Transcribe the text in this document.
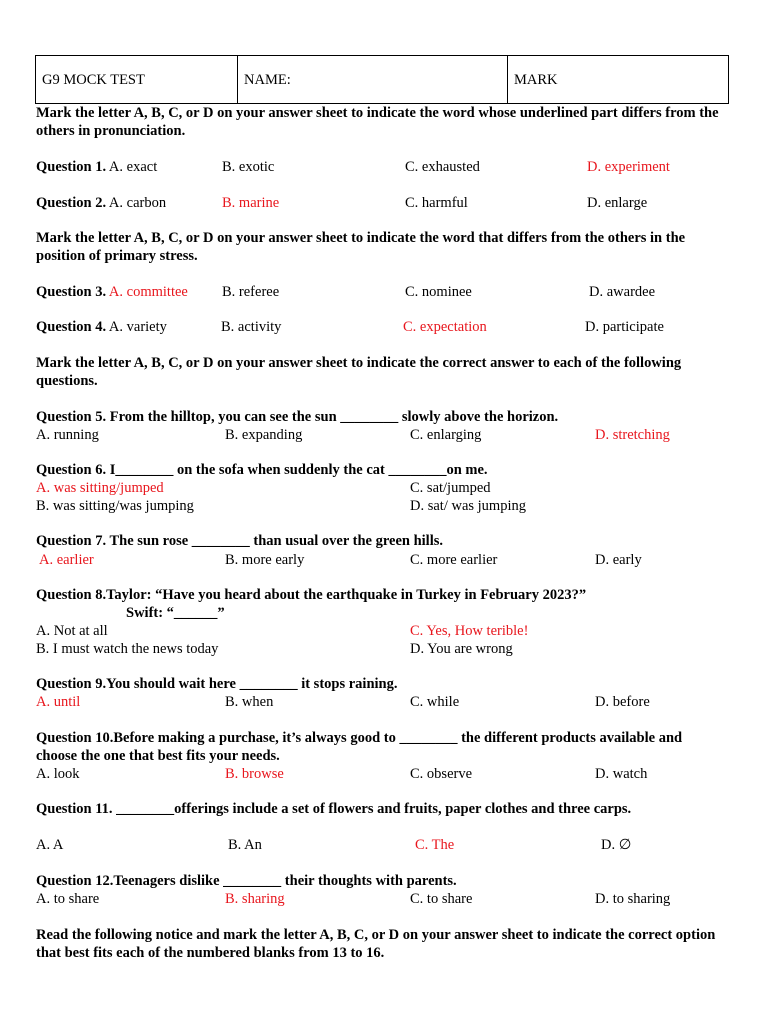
G9 MOCK TEST	NAME:	MARK
Mark the letter A, B, C, or D on your answer sheet to indicate the word whose underlined part differs from the others in pronunciation.
Question 1. A. exact	B. exotic	C. exhausted	D. experiment
Question 2. A. carbon	B. marine	C. harmful	D. enlarge
Mark the letter A, B, C, or D on your answer sheet to indicate the word that differs from the others in the position of primary stress.
Question 3. A. committee B. referee	C. nominee	D. awardee
Question 4. A. variety	B. activity	C. expectation	D. participate
Mark the letter A, B, C, or D on your answer sheet to indicate the correct answer to each of the following questions.
Question 5. From the hilltop, you can see the sun ________ slowly above the horizon.
A. running	B. expanding	C. enlarging	D. stretching
Question 6. I________ on the sofa when suddenly the cat ________on me.
A. was sitting/jumped	C. sat/jumped
B. was sitting/was jumping	D. sat/ was jumping
Question 7. The sun rose ________ than usual over the green hills.
A. earlier	B. more early	C. more earlier	D. early
Question 8.Taylor: “Have you heard about the earthquake in Turkey in February 2023?”
Swift: “______”
A. Not at all	C. Yes, How terible!
B. I must watch the news today	D. You are wrong
Question 9.You should wait here ________ it stops raining.
A. until	B. when	C. while	D. before
Question 10.Before making a purchase, it’s always good to ________ the different products available and choose the one that best fits your needs.
A. look	B. browse	C. observe	D. watch
Question 11. ________offerings include a set of flowers and fruits, paper clothes and three carps.
A. A	B. An	C. The	D. ∅
Question 12.Teenagers dislike ________ their thoughts with parents.
A. to share	B. sharing	C. to share	D. to sharing
Read the following notice and mark the letter A, B, C, or D on your answer sheet to indicate the correct option that best fits each of the numbered blanks from 13 to 16.
